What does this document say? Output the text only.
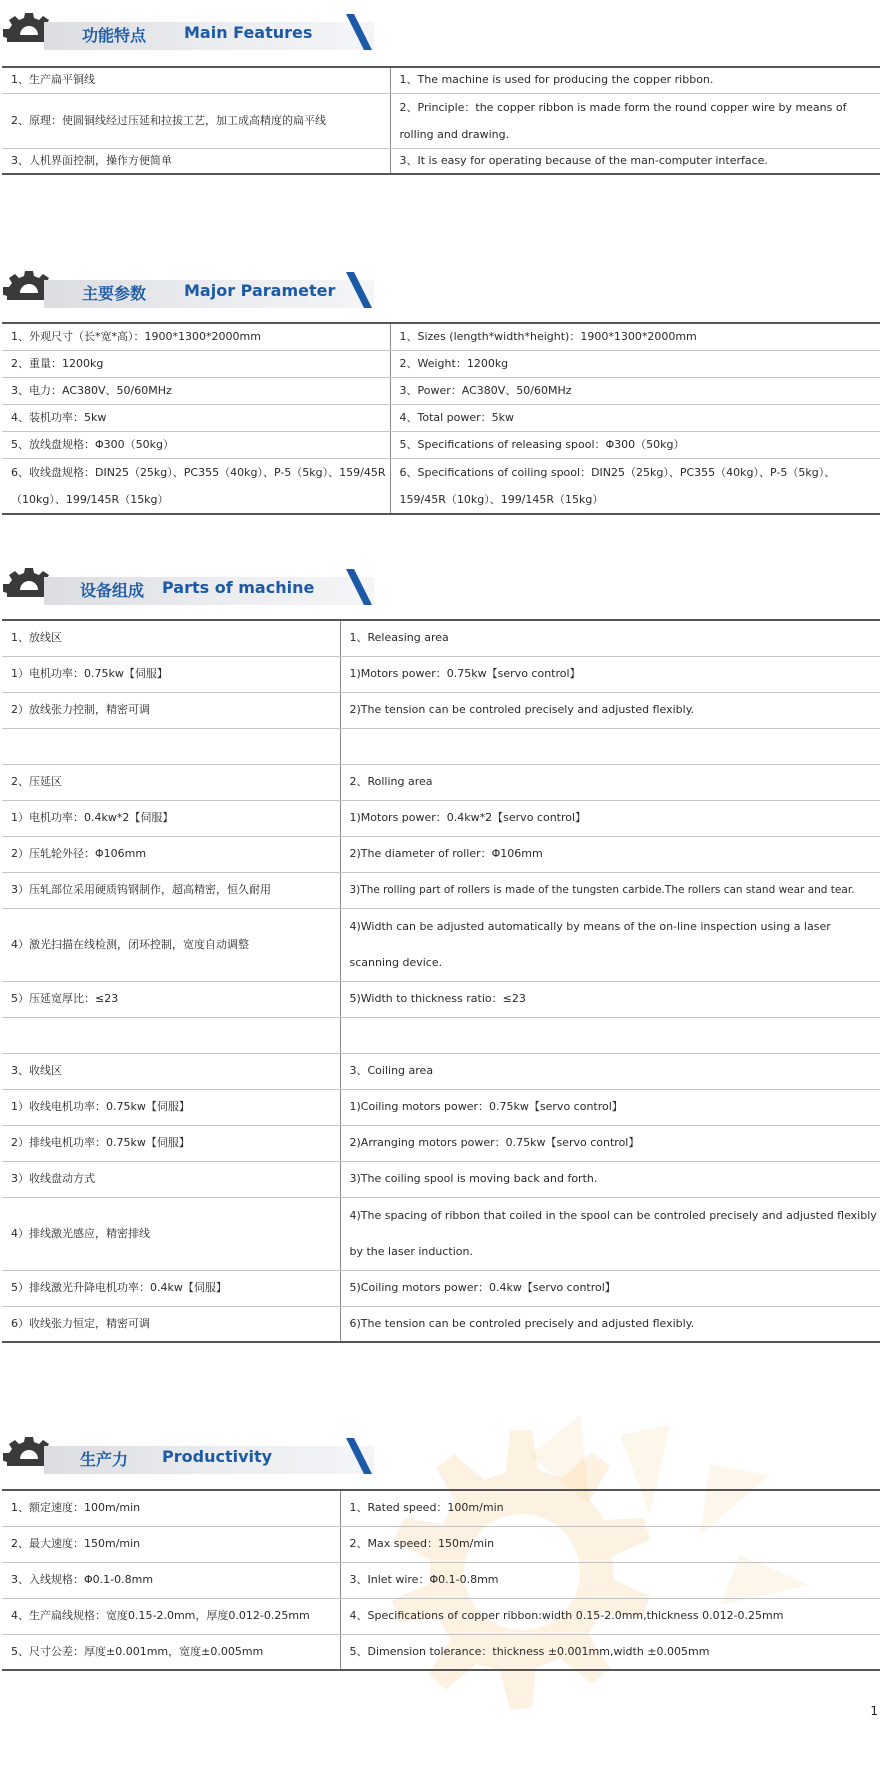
功能特点 Main Features
1、生产扁平铜线	1、The machine is used for producing the copper ribbon.
2、原理：使圆铜线经过压延和拉拔工艺，加工成高精度的扁平线	2、Principle：the copper ribbon is made form the round copper wire by means of rolling and drawing.
3、人机界面控制，操作方便简单	3、It is easy for operating because of the man-computer interface.
主要参数 Major Parameter
1、外观尺寸（长*宽*高）：1900*1300*2000mm	1、Sizes (length*width*height)：1900*1300*2000mm
2、重量：1200kg	2、Weight：1200kg
3、电力：AC380V、50/60MHz	3、Power：AC380V、50/60MHz
4、装机功率：5kw	4、Total power：5kw
5、放线盘规格：Φ300（50kg）	5、Specifications of releasing spool：Φ300（50kg）
6、收线盘规格：DIN25（25kg）、PC355（40kg）、P-5（5kg）、159/45R（10kg）、199/145R（15kg）	6、Specifications of coiling spool：DIN25（25kg）、PC355（40kg）、P-5（5kg）、159/45R（10kg）、199/145R（15kg）
设备组成 Parts of machine
1、放线区	1、Releasing area
1）电机功率：0.75kw【伺服】	1)Motors power：0.75kw【servo control】
2）放线张力控制，精密可调	2)The tension can be controled precisely and adjusted flexibly.

2、压延区	2、Rolling area
1）电机功率：0.4kw*2【伺服】	1)Motors power：0.4kw*2【servo control】
2）压轧轮外径：Φ106mm	2)The diameter of roller：Φ106mm
3）压轧部位采用硬质钨钢制作，超高精密，恒久耐用	3)The rolling part of rollers is made of the tungsten carbide.The rollers can stand wear and tear.
4）激光扫描在线检测，闭环控制，宽度自动调整	4)Width can be adjusted automatically by means of the on-line inspection using a laser scanning device.
5）压延宽厚比：≤23	5)Width to thickness ratio：≤23

3、收线区	3、Coiling area
1）收线电机功率：0.75kw【伺服】	1)Coiling motors power：0.75kw【servo control】
2）排线电机功率：0.75kw【伺服】	2)Arranging motors power：0.75kw【servo control】
3）收线盘动方式	3)The coiling spool is moving back and forth.
4）排线激光感应，精密排线	4)The spacing of ribbon that coiled in the spool can be controled precisely and adjusted flexibly by the laser induction.
5）排线激光升降电机功率：0.4kw【伺服】	5)Coiling motors power：0.4kw【servo control】
6）收线张力恒定，精密可调	6)The tension can be controled precisely and adjusted flexibly.
生产力 Productivity
1、额定速度：100m/min	1、Rated speed：100m/min
2、最大速度：150m/min	2、Max speed：150m/min
3、入线规格：Φ0.1-0.8mm	3、Inlet wire：Φ0.1-0.8mm
4、生产扁线规格：宽度0.15-2.0mm，厚度0.012-0.25mm	4、Specifications of copper ribbon:width 0.15-2.0mm,thickness 0.012-0.25mm
5、尺寸公差：厚度±0.001mm，宽度±0.005mm	5、Dimension tolerance：thickness ±0.001mm,width ±0.005mm
1
